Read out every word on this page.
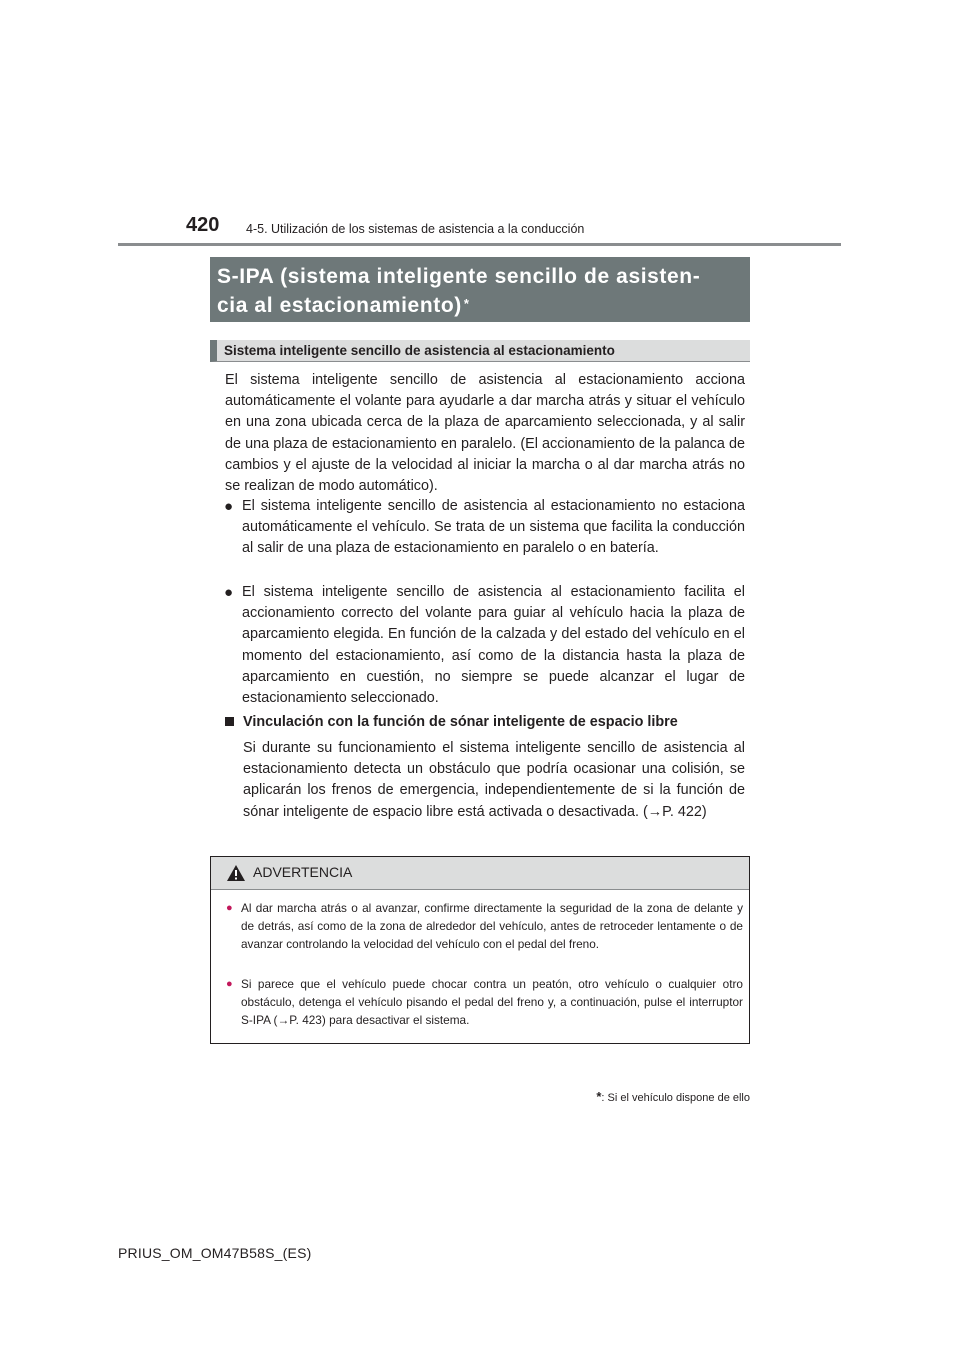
420 4-5. Utilización de los sistemas de asistencia a la conducción
S-IPA (sistema inteligente sencillo de asisten-
cia al estacionamiento) *
Sistema inteligente sencillo de asistencia al estacionamiento
El sistema inteligente sencillo de asistencia al estacionamiento acciona automáticamente el volante para ayudarle a dar marcha atrás y situar el vehículo en una zona ubicada cerca de la plaza de aparcamiento seleccionada, y al salir de una plaza de estacionamiento en paralelo. (El accionamiento de la palanca de cambios y el ajuste de la velocidad al iniciar la marcha o al dar marcha atrás no se realizan de modo automático).
● El sistema inteligente sencillo de asistencia al estacionamiento no estaciona automáticamente el vehículo. Se trata de un sistema que facilita la conducción al salir de una plaza de estacionamiento en paralelo o en batería.
● El sistema inteligente sencillo de asistencia al estacionamiento facilita el accionamiento correcto del volante para guiar al vehículo hacia la plaza de aparcamiento elegida. En función de la calzada y del estado del vehículo en el momento del estacionamiento, así como de la distancia hasta la plaza de aparcamiento en cuestión, no siempre se puede alcanzar el lugar de estacionamiento seleccionado.
Vinculación con la función de sónar inteligente de espacio libre
Si durante su funcionamiento el sistema inteligente sencillo de asistencia al estacionamiento detecta un obstáculo que podría ocasionar una colisión, se aplicarán los frenos de emergencia, independientemente de si la función de sónar inteligente de espacio libre está activada o desactivada. (→P. 422)
ADVERTENCIA
● Al dar marcha atrás o al avanzar, confirme directamente la seguridad de la zona de delante y de detrás, así como de la zona de alrededor del vehículo, antes de retroceder lentamente o de avanzar controlando la velocidad del vehículo con el pedal del freno.
● Si parece que el vehículo puede chocar contra un peatón, otro vehículo o cualquier otro obstáculo, detenga el vehículo pisando el pedal del freno y, a continuación, pulse el interruptor S-IPA (→P. 423) para desactivar el sistema.
*: Si el vehículo dispone de ello
PRIUS_OM_OM47B58S_(ES)
